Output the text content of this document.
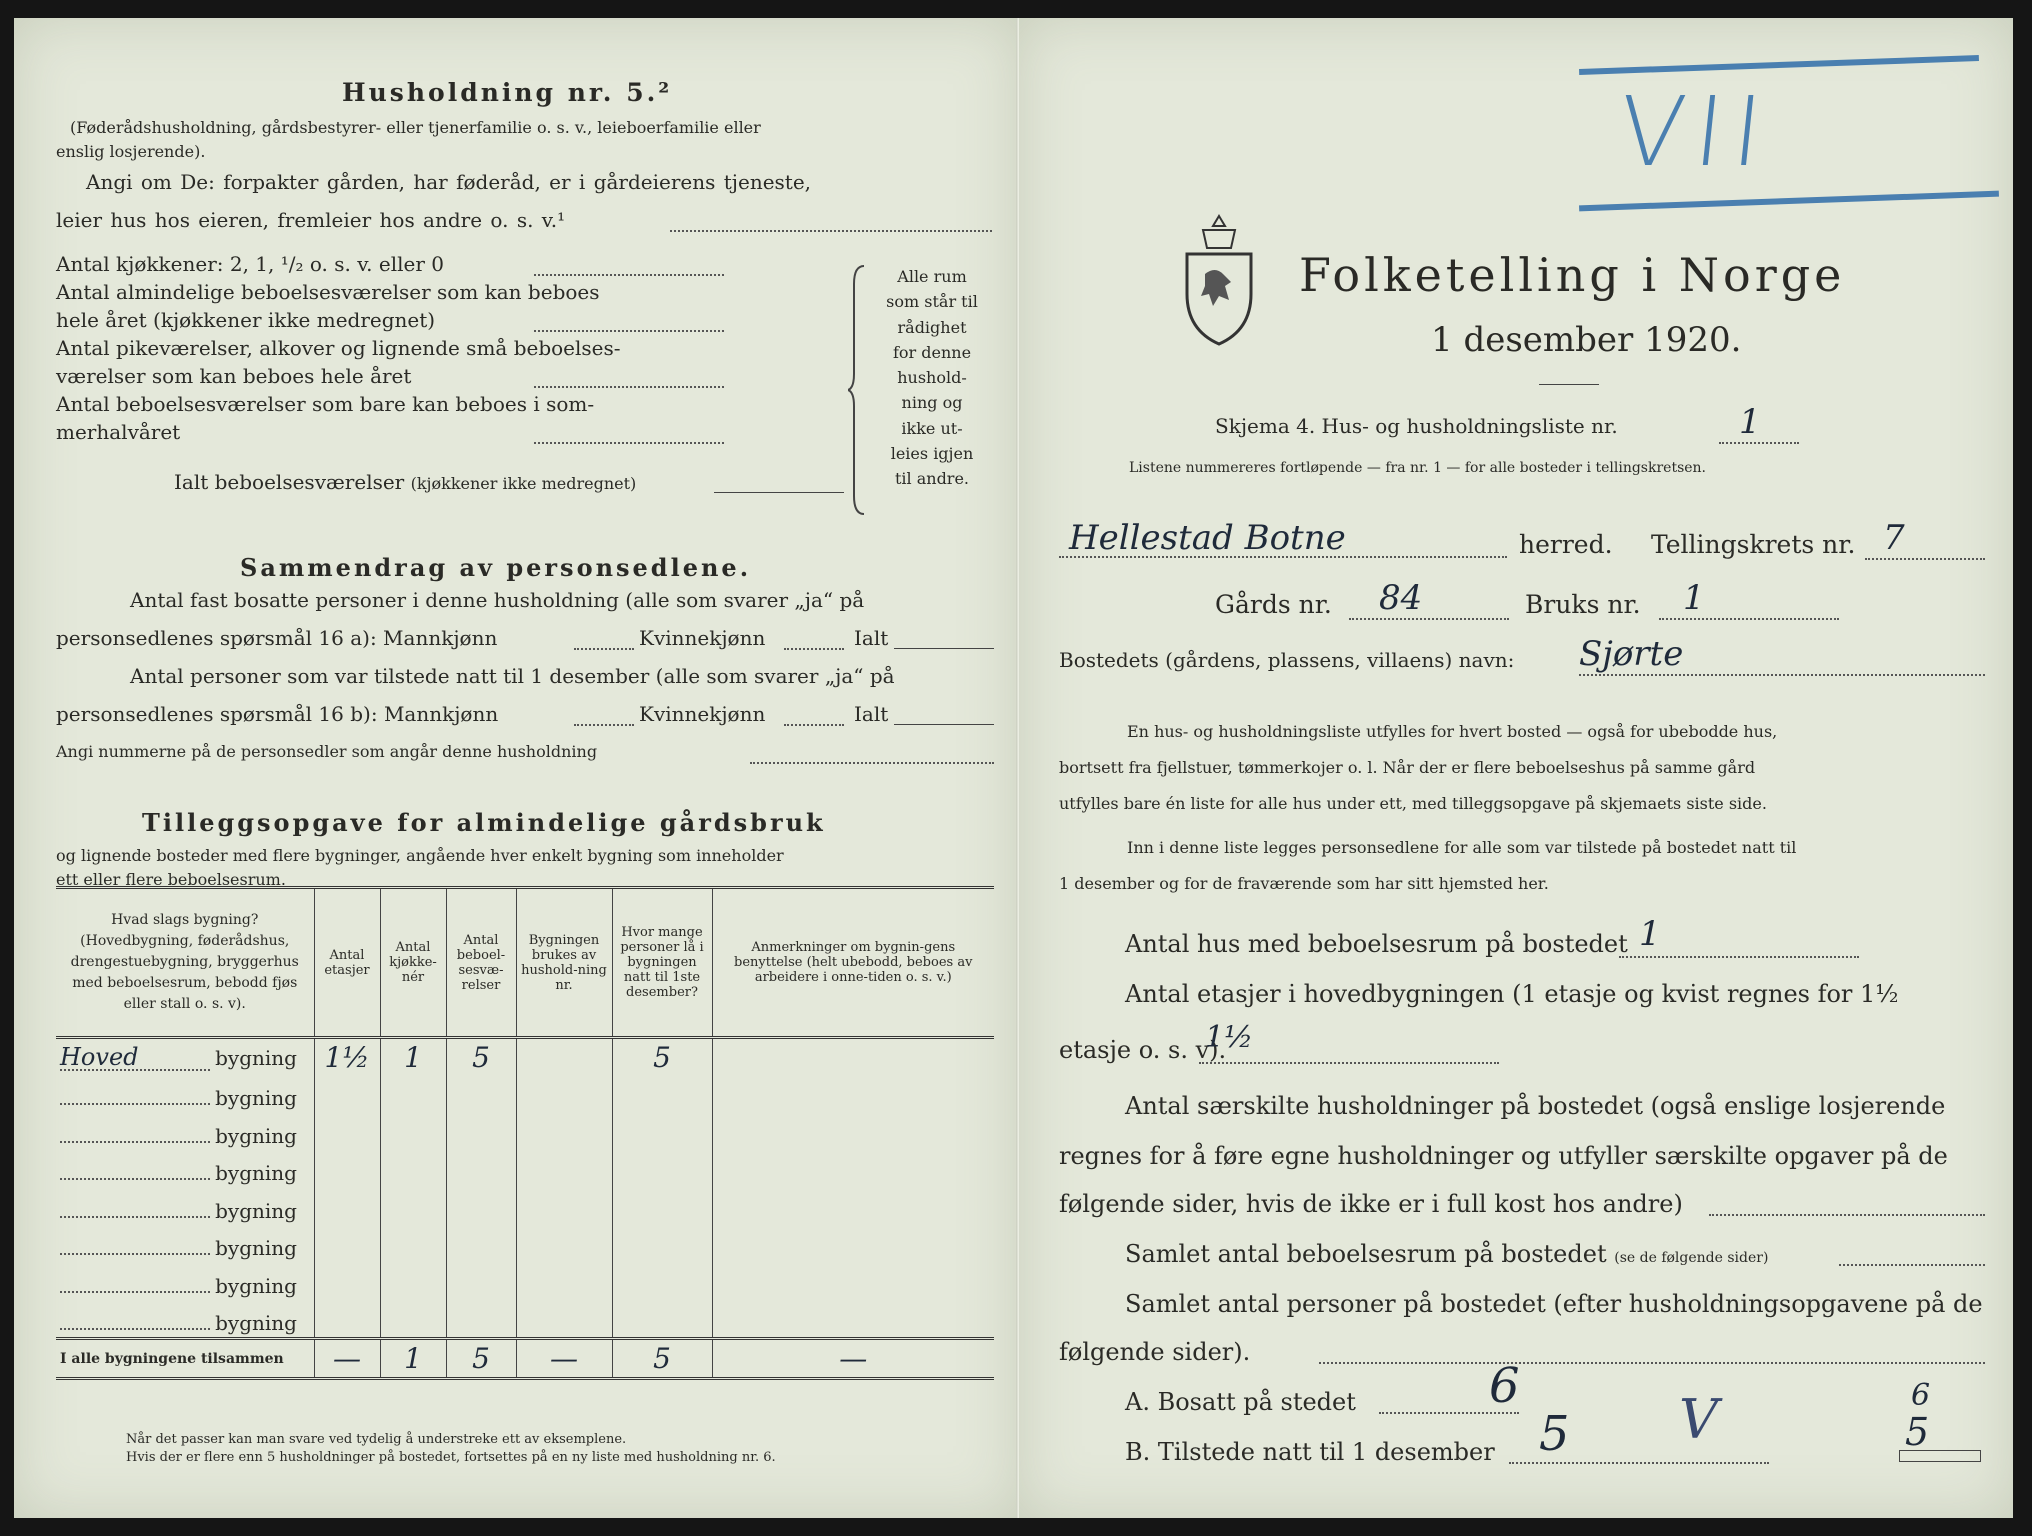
Husholdning nr. 5.²
(Føderådshusholdning, gårdsbestyrer- eller tjenerfamilie o. s. v., leieboerfamilie eller
enslig losjerende).
Angi om De: forpakter gården, har føderåd, er i gårdeierens tjeneste,
leier hus hos eieren, fremleier hos andre o. s. v.¹
Antal kjøkkener: 2, 1, ¹/₂ o. s. v. eller 0
Antal almindelige beboelsesværelser som kan beboes
hele året (kjøkkener ikke medregnet)
Antal pikeværelser, alkover og lignende små beboelses-
værelser som kan beboes hele året
Antal beboelsesværelser som bare kan beboes i som-
merhalvåret
Ialt beboelsesværelser (kjøkkener ikke medregnet)
Alle rum
som står til
rådighet
for denne
hushold-
ning og
ikke ut-
leies igjen
til andre.
Sammendrag av personsedlene.
Antal fast bosatte personer i denne husholdning (alle som svarer „ja“ på
personsedlenes spørsmål 16 a): Mannkjønn	Kvinnekjønn	Ialt
Antal personer som var tilstede natt til 1 desember (alle som svarer „ja“ på
personsedlenes spørsmål 16 b): Mannkjønn	Kvinnekjønn	Ialt
Angi nummerne på de personsedler som angår denne husholdning
Tilleggsopgave for almindelige gårdsbruk
og lignende bosteder med flere bygninger, angående hver enkelt bygning som inneholder
ett eller flere beboelsesrum.
Hvad slags bygning? (Hovedbygning, føderådshus, drengestuebygning, bryggerhus med beboelsesrum, bebodd fjøs eller stall o. s. v).	Antal etasjer	Antal kjøkke-nér	Antal beboel-sesvæ-relser	Bygningen brukes av hushold-ning nr.	Hvor mange personer lå i bygningen natt til 1ste desember?	Anmerkninger om bygnin-gens benyttelse (helt ubebodd, beboes av arbeidere i onne-tiden o. s. v.)
Hoved bygning	1½	1	5		5	
bygning						
bygning						
bygning						
bygning						
bygning						
bygning						
bygning						
I alle bygningene tilsammen	—	1	5	—	5	—
Når det passer kan man svare ved tydelig å understreke ett av eksemplene.
Hvis der er flere enn 5 husholdninger på bostedet, fortsettes på en ny liste med husholdning nr. 6.
VII
Folketelling i Norge
1 desember 1920.
Skjema 4. Hus- og husholdningsliste nr.	1
Listene nummereres fortløpende — fra nr. 1 — for alle bosteder i tellingskretsen.
Hellestad Botne	herred. Tellingskrets nr. 7
Gårds nr. 84	Bruks nr. 1
Bostedets (gårdens, plassens, villaens) navn: Sjørte
En hus- og husholdningsliste utfylles for hvert bosted — også for ubebodde hus,
bortsett fra fjellstuer, tømmerkojer o. l. Når der er flere beboelseshus på samme gård
utfylles bare én liste for alle hus under ett, med tilleggsopgave på skjemaets siste side.
Inn i denne liste legges personsedlene for alle som var tilstede på bostedet natt til
1 desember og for de fraværende som har sitt hjemsted her.
Antal hus med beboelsesrum på bostedet 1
Antal etasjer i hovedbygningen (1 etasje og kvist regnes for 1½
etasje o. s. v).
1½
Antal særskilte husholdninger på bostedet (også enslige losjerende
regnes for å føre egne husholdninger og utfyller særskilte opgaver på de
følgende sider, hvis de ikke er i full kost hos andre)
Samlet antal beboelsesrum på bostedet (se de følgende sider)
Samlet antal personer på bostedet (efter husholdningsopgavene på de
følgende sider).
A. Bosatt på stedet	6
B. Tilstede natt til 1 desember 5 V	6
5
